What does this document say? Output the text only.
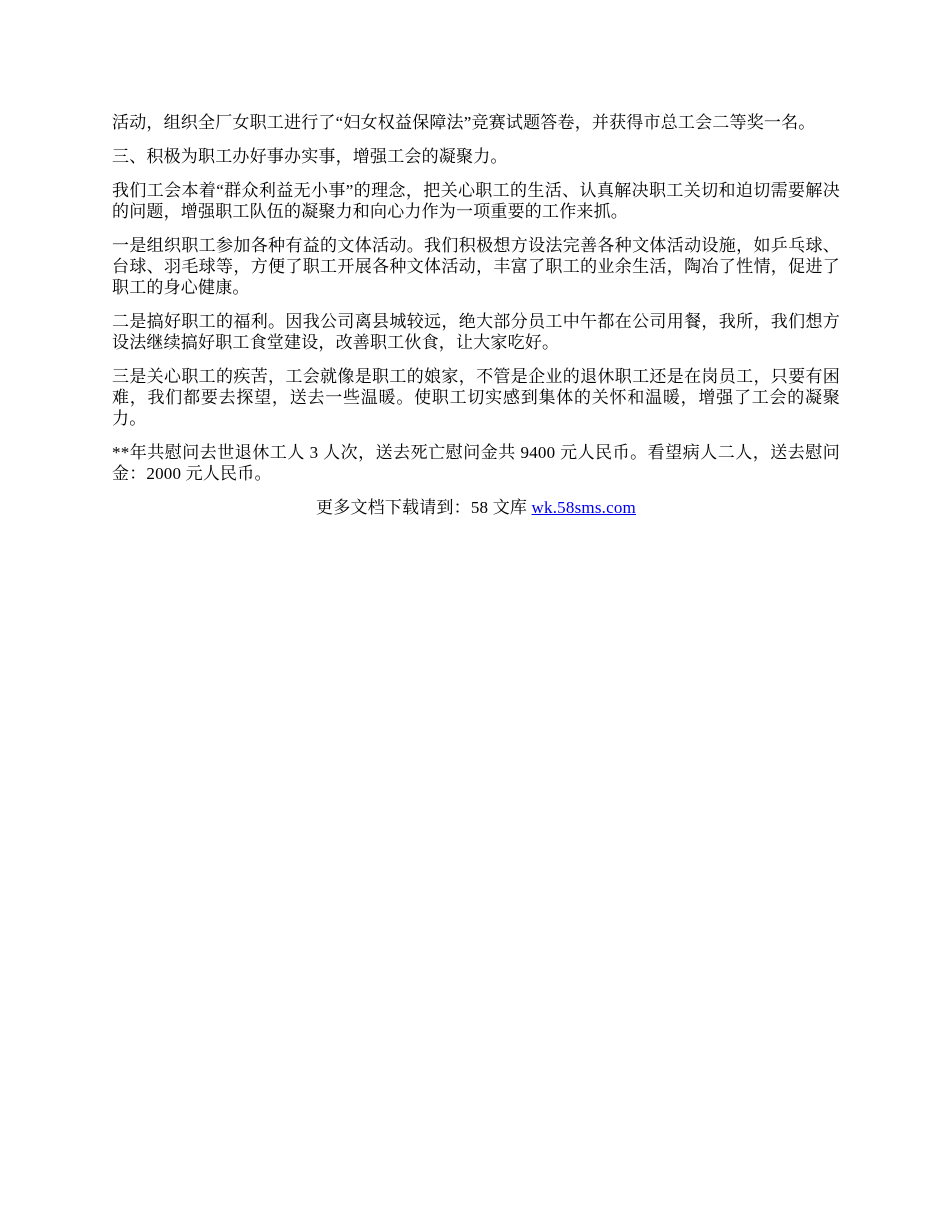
活动，组织全厂女职工进行了“妇女权益保障法”竞赛试题答卷，并获得市总工会二等奖一名。

三、积极为职工办好事办实事，增强工会的凝聚力。

我们工会本着“群众利益无小事”的理念，把关心职工的生活、认真解决职工关切和迫切需要解决的问题，增强职工队伍的凝聚力和向心力作为一项重要的工作来抓。

一是组织职工参加各种有益的文体活动。我们积极想方设法完善各种文体活动设施，如乒乓球、台球、羽毛球等，方便了职工开展各种文体活动，丰富了职工的业余生活，陶冶了性情，促进了职工的身心健康。

二是搞好职工的福利。因我公司离县城较远，绝大部分员工中午都在公司用餐，我所，我们想方设法继续搞好职工食堂建设，改善职工伙食，让大家吃好。

三是关心职工的疾苦，工会就像是职工的娘家，不管是企业的退休职工还是在岗员工，只要有困难，我们都要去探望，送去一些温暖。使职工切实感到集体的关怀和温暖，增强了工会的凝聚力。

**年共慰问去世退休工人 3 人次，送去死亡慰问金共 9400 元人民币。看望病人二人，送去慰问金：2000 元人民币。

更多文档下载请到：58 文库 wk.58sms.com
